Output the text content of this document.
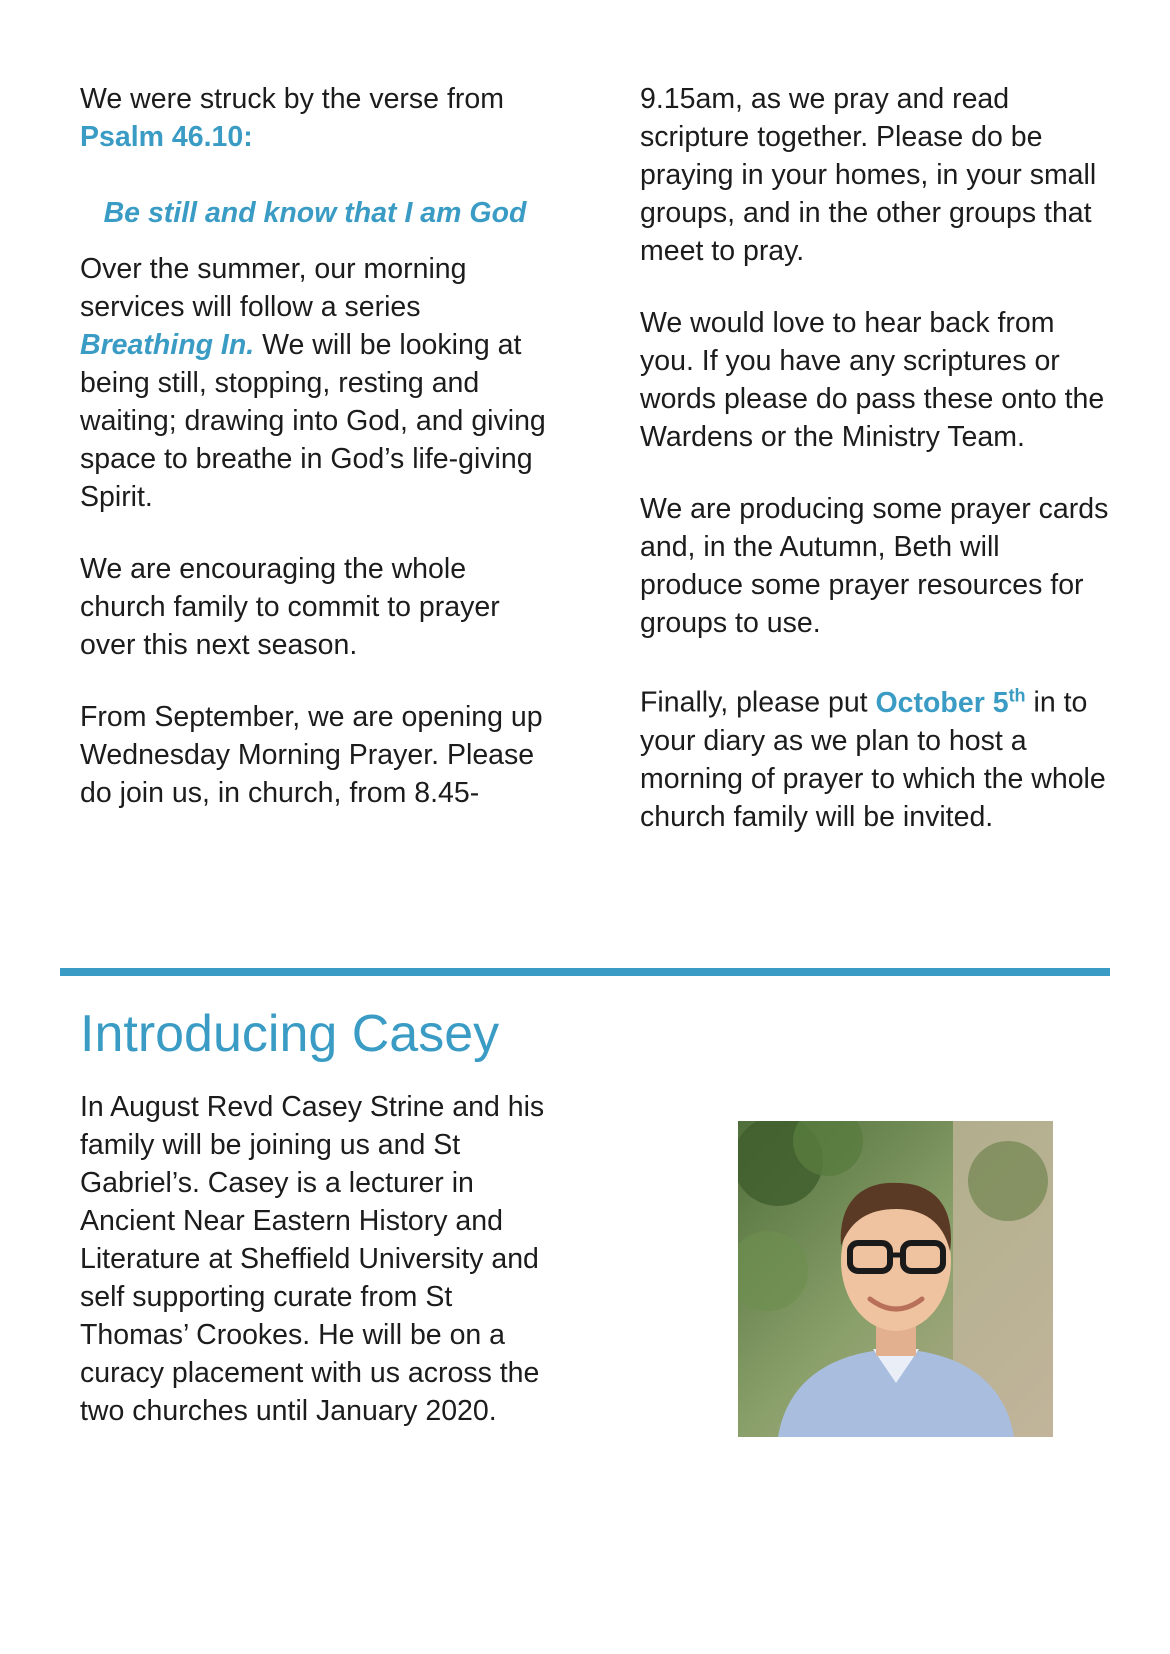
We were struck by the verse from Psalm 46.10:

Be still and know that I am God

Over the summer, our morning services will follow a series Breathing In. We will be looking at being still, stopping, resting and waiting; drawing into God, and giving space to breathe in God’s life-giving Spirit.

We are encouraging the whole church family to commit to prayer over this next season.

From September, we are opening up Wednesday Morning Prayer. Please do join us, in church, from 8.45-

9.15am, as we pray and read scripture together. Please do be praying in your homes, in your small groups, and in the other groups that meet to pray.

We would love to hear back from you. If you have any scriptures or words please do pass these onto the Wardens or the Ministry Team.

We are producing some prayer cards and, in the Autumn, Beth will produce some prayer resources for groups to use.

Finally, please put October 5th in to your diary as we plan to host a morning of prayer to which the whole church family will be invited.

Introducing Casey

In August Revd Casey Strine and his family will be joining us and St Gabriel’s. Casey is a lecturer in Ancient Near Eastern History and Literature at Sheffield University and self supporting curate from St Thomas’ Crookes. He will be on a curacy placement with us across the two churches until January 2020.
